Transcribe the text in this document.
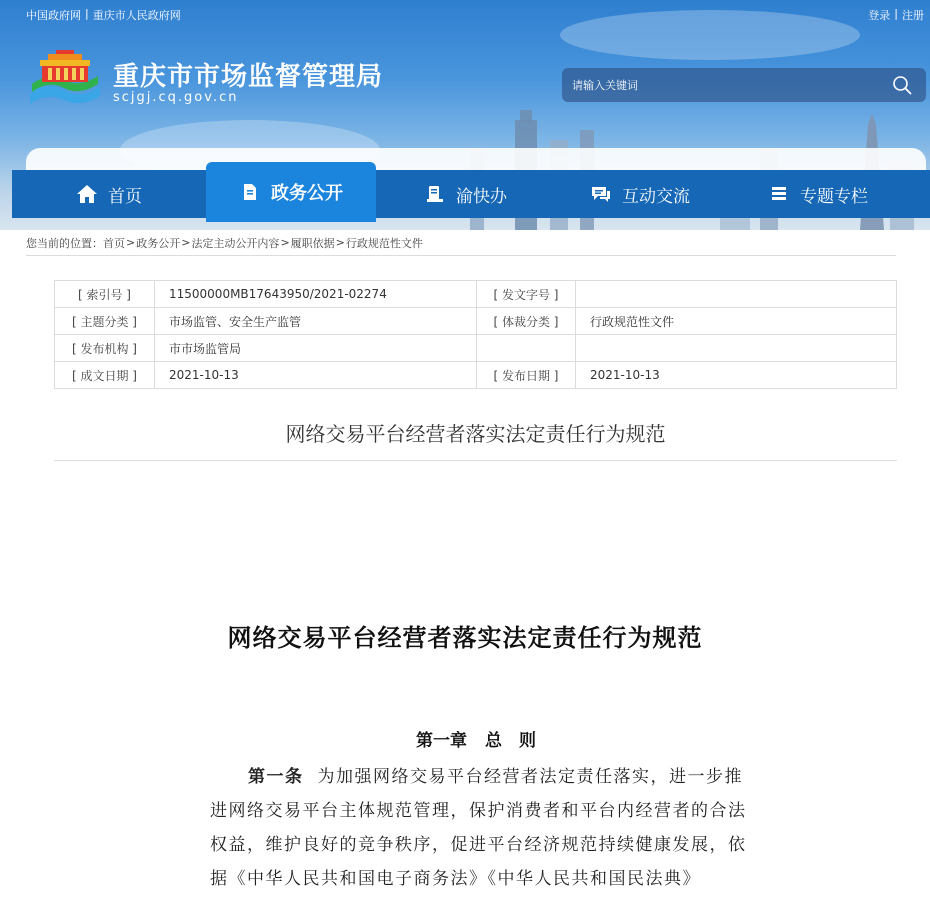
中国政府网 | 重庆市人民政府网	登录 | 注册
重庆市市场监督管理局
scjgj.cq.gov.cn
请输入关键词
首页	政务公开	渝快办	互动交流	专题专栏
您当前的位置： 首页 > 政务公开 > 法定主动公开内容 > 履职依据 > 行政规范性文件
[ 索引号 ]	11500000MB17643950/2021-02274	[ 发文字号 ]	
[ 主题分类 ]	市场监管、安全生产监管	[ 体裁分类 ]	行政规范性文件
[ 发布机构 ]	市市场监管局		
[ 成文日期 ]	2021-10-13	[ 发布日期 ]	2021-10-13
网络交易平台经营者落实法定责任行为规范
网络交易平台经营者落实法定责任行为规范
第一章 总　则
第一条 为加强网络交易平台经营者法定责任落实，进一步推进网络交易平台主体规范管理，保护消费者和平台内经营者的合法权益，维护良好的竞争秩序，促进平台经济规范持续健康发展，依据《中华人民共和国电子商务法》《中华人民共和国民法典》
